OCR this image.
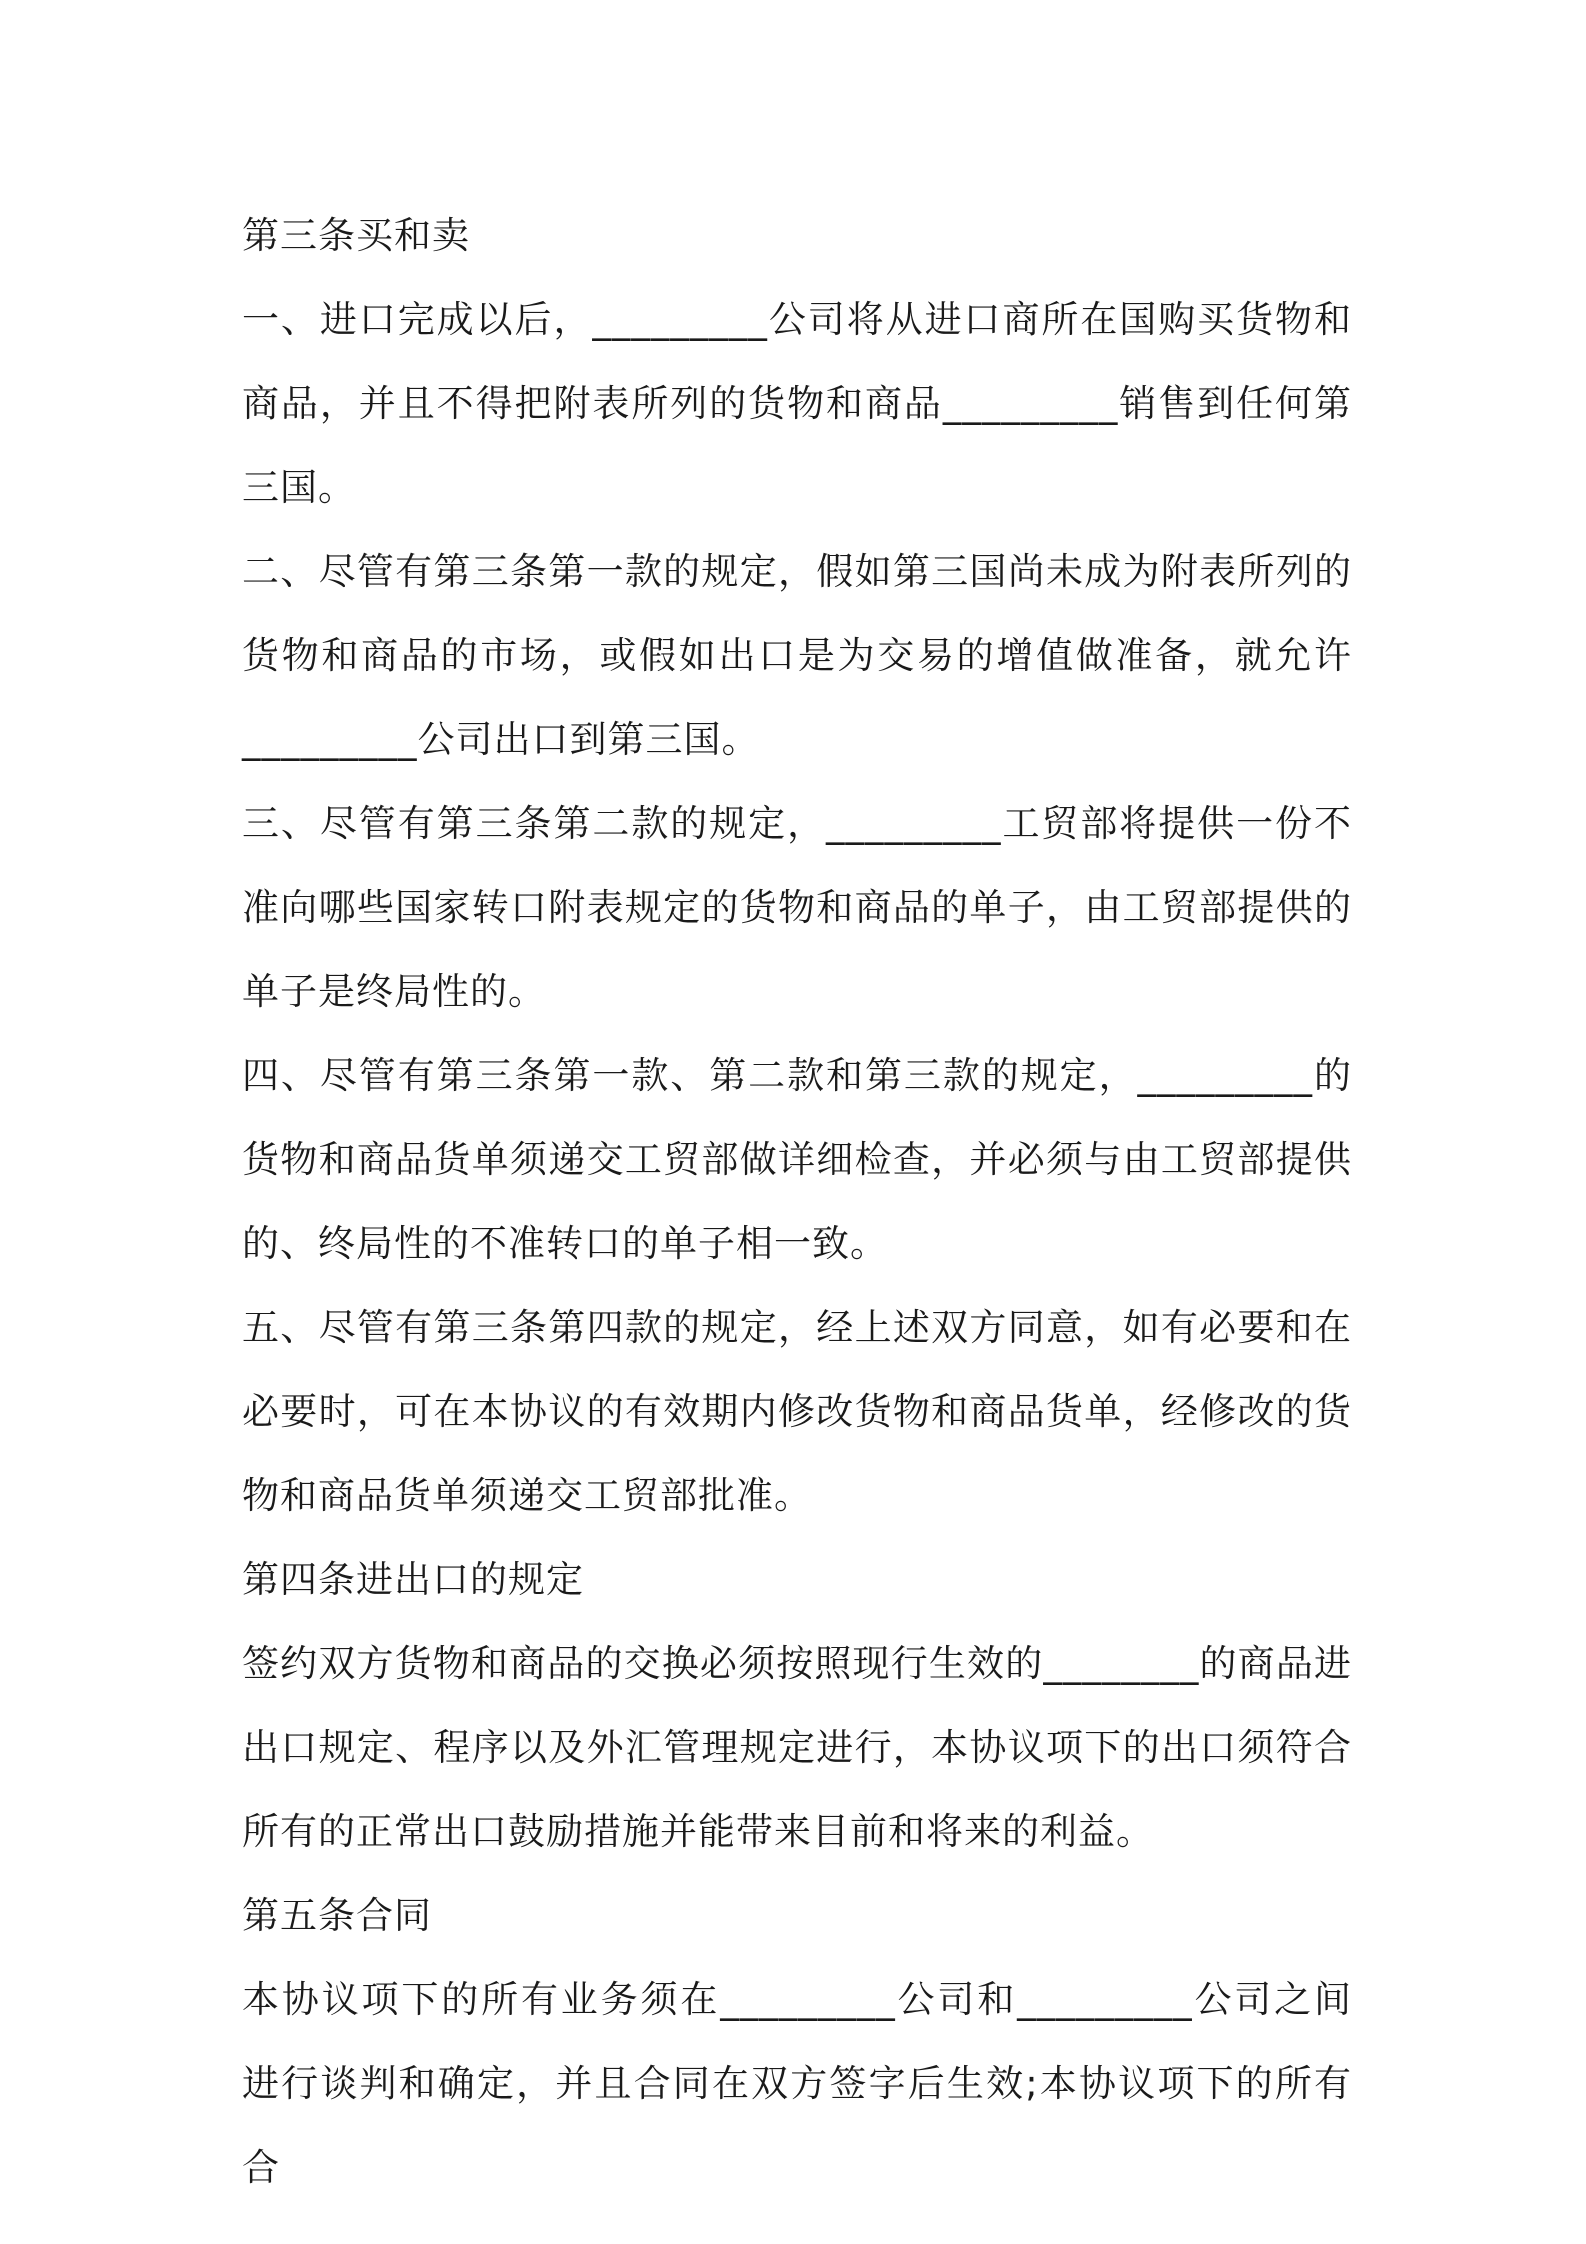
第三条买和卖

一、进口完成以后，_________公司将从进口商所在国购买货物和商品，并且不得把附表所列的货物和商品_________销售到任何第三国。

二、尽管有第三条第一款的规定，假如第三国尚未成为附表所列的货物和商品的市场，或假如出口是为交易的增值做准备，就允许_________公司出口到第三国。

三、尽管有第三条第二款的规定，_________工贸部将提供一份不准向哪些国家转口附表规定的货物和商品的单子，由工贸部提供的单子是终局性的。

四、尽管有第三条第一款、第二款和第三款的规定，_________的货物和商品货单须递交工贸部做详细检查，并必须与由工贸部提供的、终局性的不准转口的单子相一致。

五、尽管有第三条第四款的规定，经上述双方同意，如有必要和在必要时，可在本协议的有效期内修改货物和商品货单，经修改的货物和商品货单须递交工贸部批准。

第四条进出口的规定

签约双方货物和商品的交换必须按照现行生效的________的商品进出口规定、程序以及外汇管理规定进行，本协议项下的出口须符合所有的正常出口鼓励措施并能带来目前和将来的利益。

第五条合同

本协议项下的所有业务须在_________公司和_________公司之间进行谈判和确定，并且合同在双方签字后生效;本协议项下的所有合
